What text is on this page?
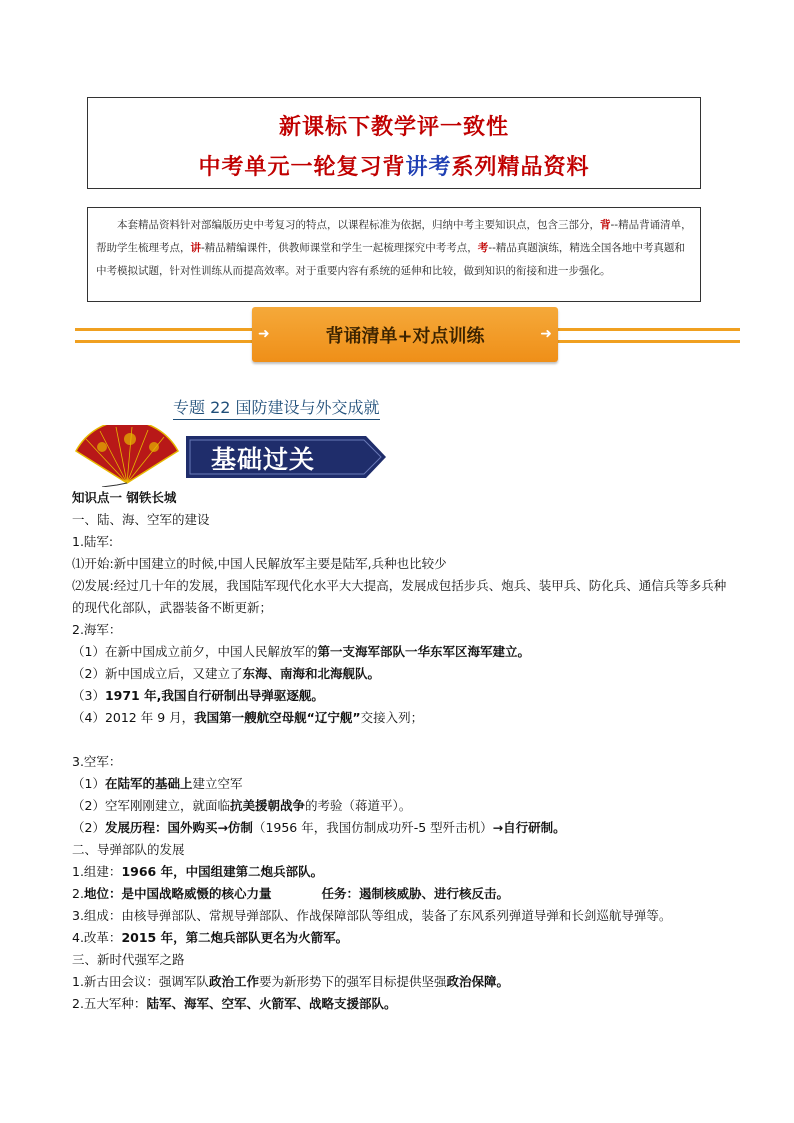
新课标下教学评一致性
中考单元一轮复习背讲考系列精品资料
本套精品资料针对部编版历史中考复习的特点，以课程标准为依据，归纳中考主要知识点，包含三部分，背--精品背诵清单，帮助学生梳理考点，讲-精品精编课件，供教师课堂和学生一起梳理探究中考考点，考--精品真题演练，精选全国各地中考真题和中考模拟试题，针对性训练从而提高效率。对于重要内容有系统的延伸和比较，做到知识的衔接和进一步强化。
➜	背诵清单+对点训练	➜
专题 22 国防建设与外交成就
基础过关
知识点一 钢铁长城
一、陆、海、空军的建设
1.陆军:
⑴开始:新中国建立的时候,中国人民解放军主要是陆军,兵种也比较少
⑵发展:经过几十年的发展，我国陆军现代化水平大大提高，发展成包括步兵、炮兵、装甲兵、防化兵、通信兵等多兵种的现代化部队，武器装备不断更新；
2.海军：
（1）在新中国成立前夕，中国人民解放军的第一支海军部队一华东军区海军建立。
（2）新中国成立后，又建立了东海、南海和北海舰队。
（3）1971 年,我国自行研制出导弹驱逐舰。
（4）2012 年 9 月，我国第一艘航空母舰“辽宁舰”交接入列；
3.空军：
（1）在陆军的基础上建立空军
（2）空军刚刚建立，就面临抗美援朝战争的考验（蒋道平）。
（2）发展历程：国外购买→仿制（1956 年，我国仿制成功歼-5 型歼击机）→自行研制。
二、导弹部队的发展
1.组建：1966 年，中国组建第二炮兵部队。
2.地位：是中国战略威慑的核心力量	任务：遏制核威胁、进行核反击。
3.组成：由核导弹部队、常规导弹部队、作战保障部队等组成，装备了东风系列弹道导弹和长剑巡航导弹等。
4.改革：2015 年，第二炮兵部队更名为火箭军。
三、新时代强军之路
1.新古田会议：强调军队政治工作要为新形势下的强军目标提供坚强政治保障。
2.五大军种：陆军、海军、空军、火箭军、战略支援部队。
